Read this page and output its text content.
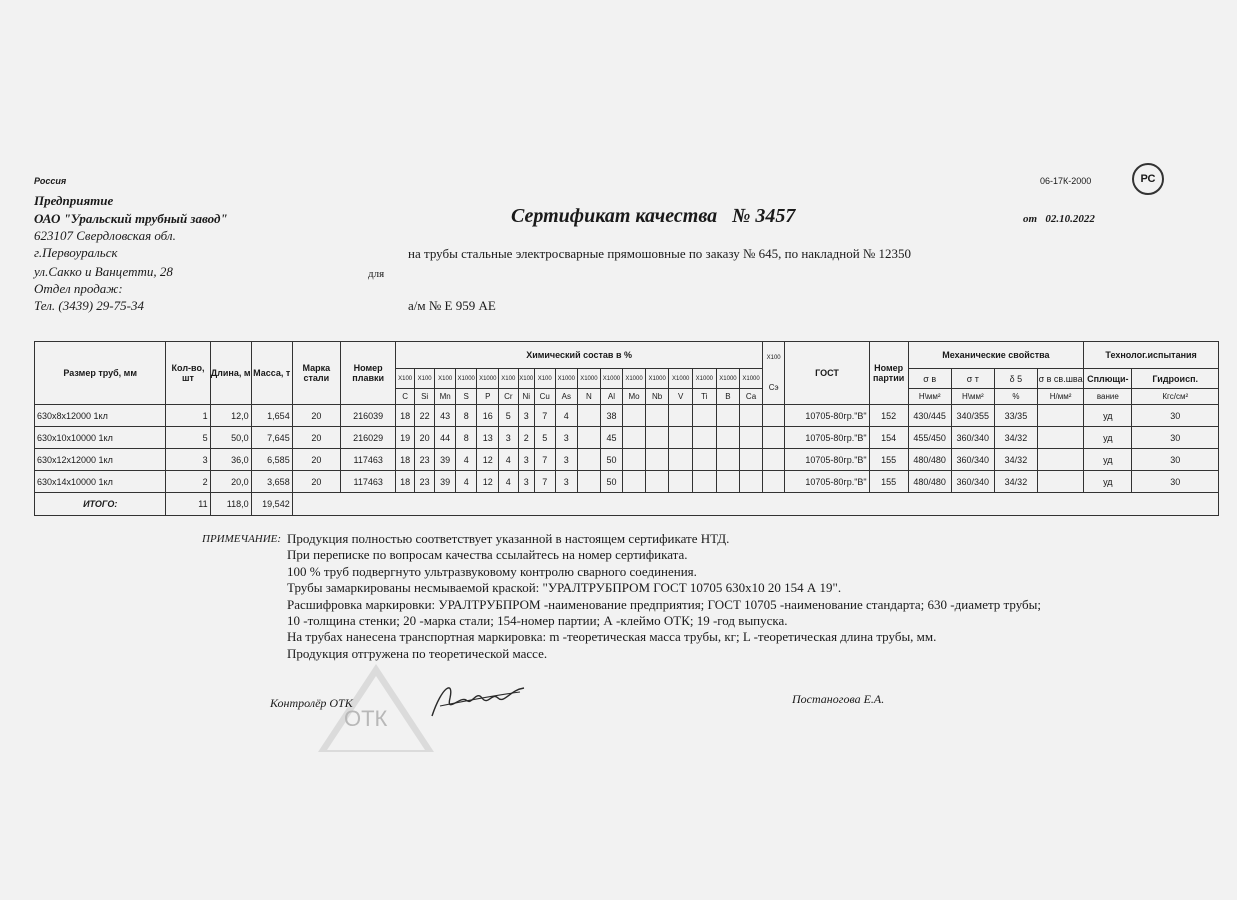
Россия
Предприятие
ОАО "Уральский трубный завод"
623107 Свердловская обл.
г.Первоуральск
ул.Сакко и Ванцетти, 28
Отдел продаж:
Тел. (3439) 29-75-34
06-17К-2000	РС
Сертификат качества № 3457	от 02.10.2022
на трубы стальные электросварные прямошовные по заказу № 645, по накладной № 12350
для
а/м № Е 959 АЕ
Размер труб, мм	Кол-во, шт	Длина, м	Масса, т	Марка стали	Номер плавки	Химический состав в %																	X100
Сэ	ГОСТ	Номер партии	Механические свойства				Технолог.испытания	
						X100	X100	X100	X1000	X1000	X100	X100	X100	X1000	X1000	X1000	X1000	X1000	X1000	X1000	X1000	X1000				σ в	σ т	δ 5	σ в св.шва	Сплющи-	Гидроисп.
						C	Si	Mn	S	P	Cr	Ni	Cu	As	N	Al	Mo	Nb	V	Ti	B	Ca				Н\мм²	Н\мм²	%	Н/мм²	вание	Кгс/см²
630x8x12000 1кл	1	12,0	1,654	20	216039	18	22	43	8	16	5	3	7	4		38								10705-80гр."В"	152	430/445	340/355	33/35		уд	30
630x10x10000 1кл	5	50,0	7,645	20	216029	19	20	44	8	13	3	2	5	3		45								10705-80гр."В"	154	455/450	360/340	34/32		уд	30
630x12x12000 1кл	3	36,0	6,585	20	117463	18	23	39	4	12	4	3	7	3		50								10705-80гр."В"	155	480/480	360/340	34/32		уд	30
630x14x10000 1кл	2	20,0	3,658	20	117463	18	23	39	4	12	4	3	7	3		50								10705-80гр."В"	155	480/480	360/340	34/32		уд	30
ИТОГО:	11	118,0	19,542																												
ПРИМЕЧАНИЕ: Продукция полностью соответствует указанной в настоящем сертификате НТД.
При переписке по вопросам качества ссылайтесь на номер сертификата.
100 % труб подвергнуто ультразвуковому контролю сварного соединения.
Трубы замаркированы несмываемой краской: "УРАЛТРУБПРОМ ГОСТ 10705 630x10 20 154 А 19".
Расшифровка маркировки: УРАЛТРУБПРОМ -наименование предприятия; ГОСТ 10705 -наименование стандарта; 630 -диаметр трубы;
10 -толщина стенки; 20 -марка стали; 154-номер партии; А -клеймо ОТК; 19 -год выпуска.
На трубах нанесена транспортная маркировка: m -теоретическая масса трубы, кг; L -теоретическая длина трубы, мм.
Продукция отгружена по теоретической массе.
ОТК
Контролёр ОТК	Постаногова Е.А.
